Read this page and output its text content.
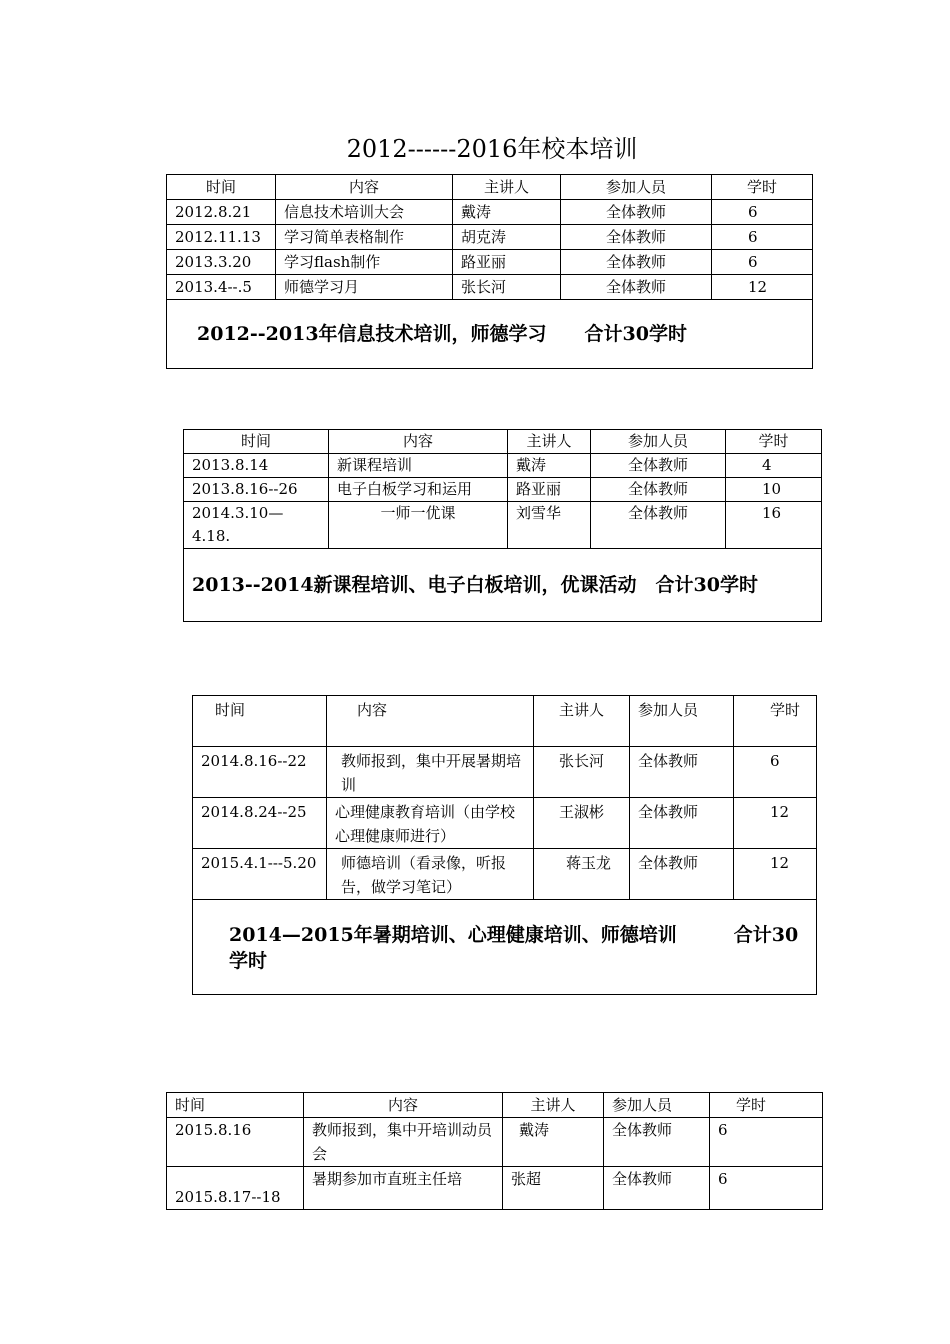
2012------2016年校本培训
时间	内容	主讲人	参加人员	学时
2012.8.21	信息技术培训大会	戴涛	全体教师	6
2012.11.13	学习简单表格制作	胡克涛	全体教师	6
2013.3.20	学习flash制作	路亚丽	全体教师	6
2013.4--.5	师德学习月	张长河	全体教师	12
2012--2013年信息技术培训，师德学习　　合计30学时				
时间	内容	主讲人	参加人员	学时
2013.8.14	新课程培训	戴涛	全体教师	4
2013.8.16--26	电子白板学习和运用	路亚丽	全体教师	10
2014.3.10—4.18.	一师一优课	刘雪华	全体教师	16
2013--2014新课程培训、电子白板培训，优课活动　合计30学时				
时间	内容	主讲人	参加人员	学时
2014.8.16--22	教师报到，集中开展暑期培训	张长河	全体教师	6
2014.8.24--25	心理健康教育培训（由学校心理健康师进行）	王淑彬	全体教师	12
2015.4.1---5.20	师德培训（看录像，听报告，做学习笔记）	蒋玉龙	全体教师	12
2014—2015年暑期培训、心理健康培训、师德培训　　　合计30学时				
时间	内容	主讲人	参加人员	学时
2015.8.16	教师报到，集中开培训动员会	戴涛	全体教师	6
2015.8.17--18	暑期参加市直班主任培	张超	全体教师	6
